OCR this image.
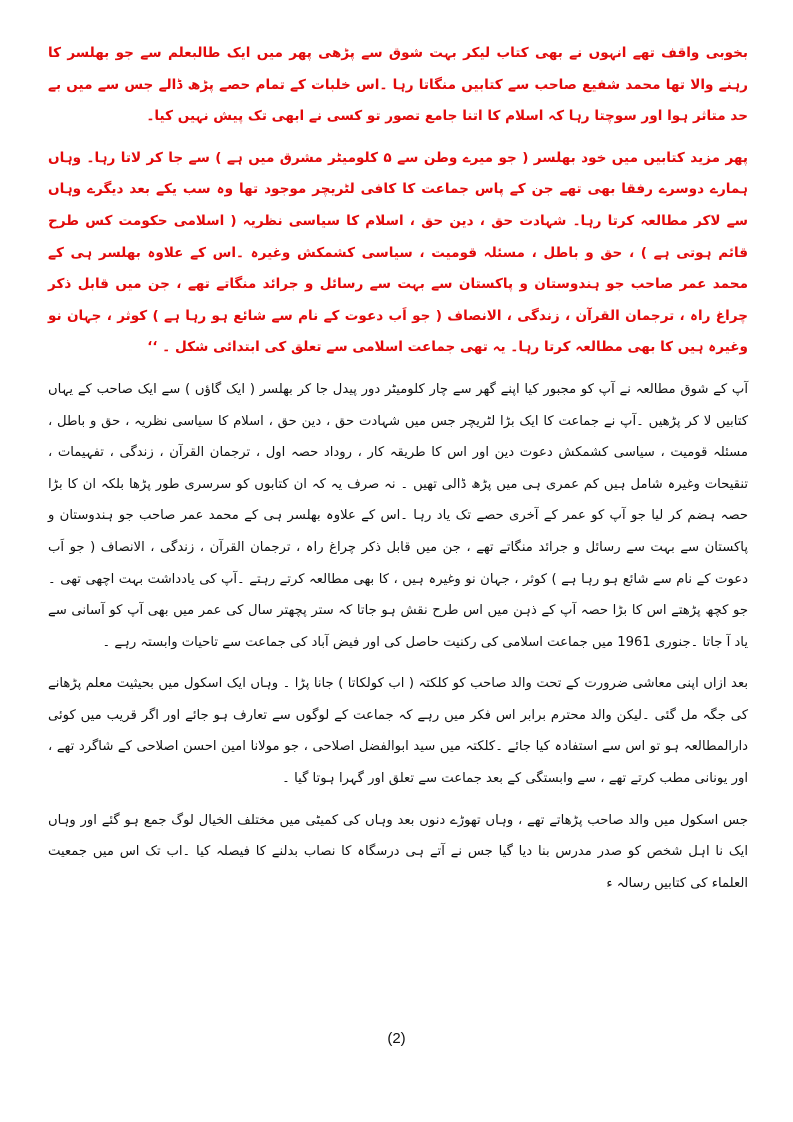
بخوبی واقف تھے انہوں نے بھی کتاب لیکر بہت شوق سے پڑھی پھر میں ایک طالبعلم سے جو بھلسر کا رہنے والا تھا محمد شفیع صاحب سے کتابیں منگاتا رہا ۔اس خلبات کے تمام حصے پڑھ ڈالے جس سے میں بے حد متاثر ہوا اور سوچتا رہا کہ اسلام کا اتنا جامع تصور تو کسی نے ابھی تک پیش نہیں کیا۔

پھر مزید کتابیں میں خود بھلسر ( جو میرے وطن سے ۵ کلومیٹر مشرق میں ہے ) سے جا کر لاتا رہا۔ وہاں ہمارے دوسرے رفقا بھی تھے جن کے پاس جماعت کا کافی لٹریچر موجود تھا وہ سب یکے بعد دیگرے وہاں سے لاکر مطالعہ کرتا رہا۔ شہادت حق ، دین حق ، اسلام کا سیاسی نظریہ ( اسلامی حکومت کس طرح قائم ہوتی ہے ) ، حق و باطل ، مسئلہ قومیت ، سیاسی کشمکش وغیرہ ۔اس کے علاوہ بھلسر ہی کے محمد عمر صاحب جو ہندوستان و پاکستان سے بہت سے رسائل و جرائد منگاتے تھے ، جن میں قابل ذکر چراغ راہ ، ترجمان القرآن ، زندگی ، الانصاف ( جو اَب دعوت کے نام سے شائع ہو رہا ہے ) کوثر ، جہان نو وغیرہ ہیں کا بھی مطالعہ کرتا رہا۔ یہ تھی جماعت اسلامی سے تعلق کی ابتدائی شکل ۔ ‘‘

آپ کے شوق مطالعہ نے آپ کو مجبور کیا اپنے گھر سے چار کلومیٹر دور پیدل جا کر بھلسر ( ایک گاؤں ) سے ایک صاحب کے یہاں کتابیں لا کر پڑھیں ۔آپ نے جماعت کا ایک بڑا لٹریچر جس میں شہادت حق ، دین حق ، اسلام کا سیاسی نظریہ ، حق و باطل ، مسئلہ قومیت ، سیاسی کشمکش دعوت دین اور اس کا طریقہ کار ، روداد حصہ اول ، ترجمان القرآن ، زندگی ، تفہیمات ، تنقیحات وغیرہ شامل ہیں کم عمری ہی میں پڑھ ڈالی تھیں ۔ نہ صرف یہ کہ ان کتابوں کو سرسری طور پڑھا بلکہ ان کا بڑا حصہ ہضم کر لیا جو آپ کو عمر کے آخری حصے تک یاد رہا ۔اس کے علاوہ بھلسر ہی کے محمد عمر صاحب جو ہندوستان و پاکستان سے بہت سے رسائل و جرائد منگاتے تھے ، جن میں قابل ذکر چراغ راہ ، ترجمان القرآن ، زندگی ، الانصاف ( جو اَب دعوت کے نام سے شائع ہو رہا ہے ) کوثر ، جہان نو وغیرہ ہیں ، کا بھی مطالعہ کرتے رہتے ۔آپ کی یادداشت بہت اچھی تھی ۔جو کچھ پڑھتے اس کا بڑا حصہ آپ کے ذہن میں اس طرح نقش ہو جاتا کہ ستر پچھتر سال کی عمر میں بھی آپ کو آسانی سے یاد آ جاتا ۔جنوری 1961 میں جماعت اسلامی کی رکنیت حاصل کی اور فیض آباد کی جماعت سے تاحیات وابستہ رہے ۔

بعد ازاں اپنی معاشی ضرورت کے تحت والد صاحب کو کلکتہ ( اب کولکاتا ) جانا پڑا ۔ وہاں ایک اسکول میں بحیثیت معلم پڑھانے کی جگہ مل گئی ۔لیکن والد محترم برابر اس فکر میں رہے کہ جماعت کے لوگوں سے تعارف ہو جائے اور اگر قریب میں کوئی دارالمطالعہ ہو تو اس سے استفادہ کیا جائے ۔کلکتہ میں سید ابوالفضل اصلاحی ، جو مولانا امین احسن اصلاحی کے شاگرد تھے ، اور یونانی مطب کرتے تھے ، سے وابستگی کے بعد جماعت سے تعلق اور گہرا ہوتا گیا ۔

جس اسکول میں والد صاحب پڑھاتے تھے ، وہاں تھوڑے دنوں بعد وہاں کی کمیٹی میں مختلف الخیال لوگ جمع ہو گئے اور وہاں ایک نا اہل شخص کو صدر مدرس بنا دیا گیا جس نے آتے ہی درسگاہ کا نصاب بدلنے کا فیصلہ کیا ۔اب تک اس میں جمعیت العلماء کی کتابیں رسالہ ء

(2)
